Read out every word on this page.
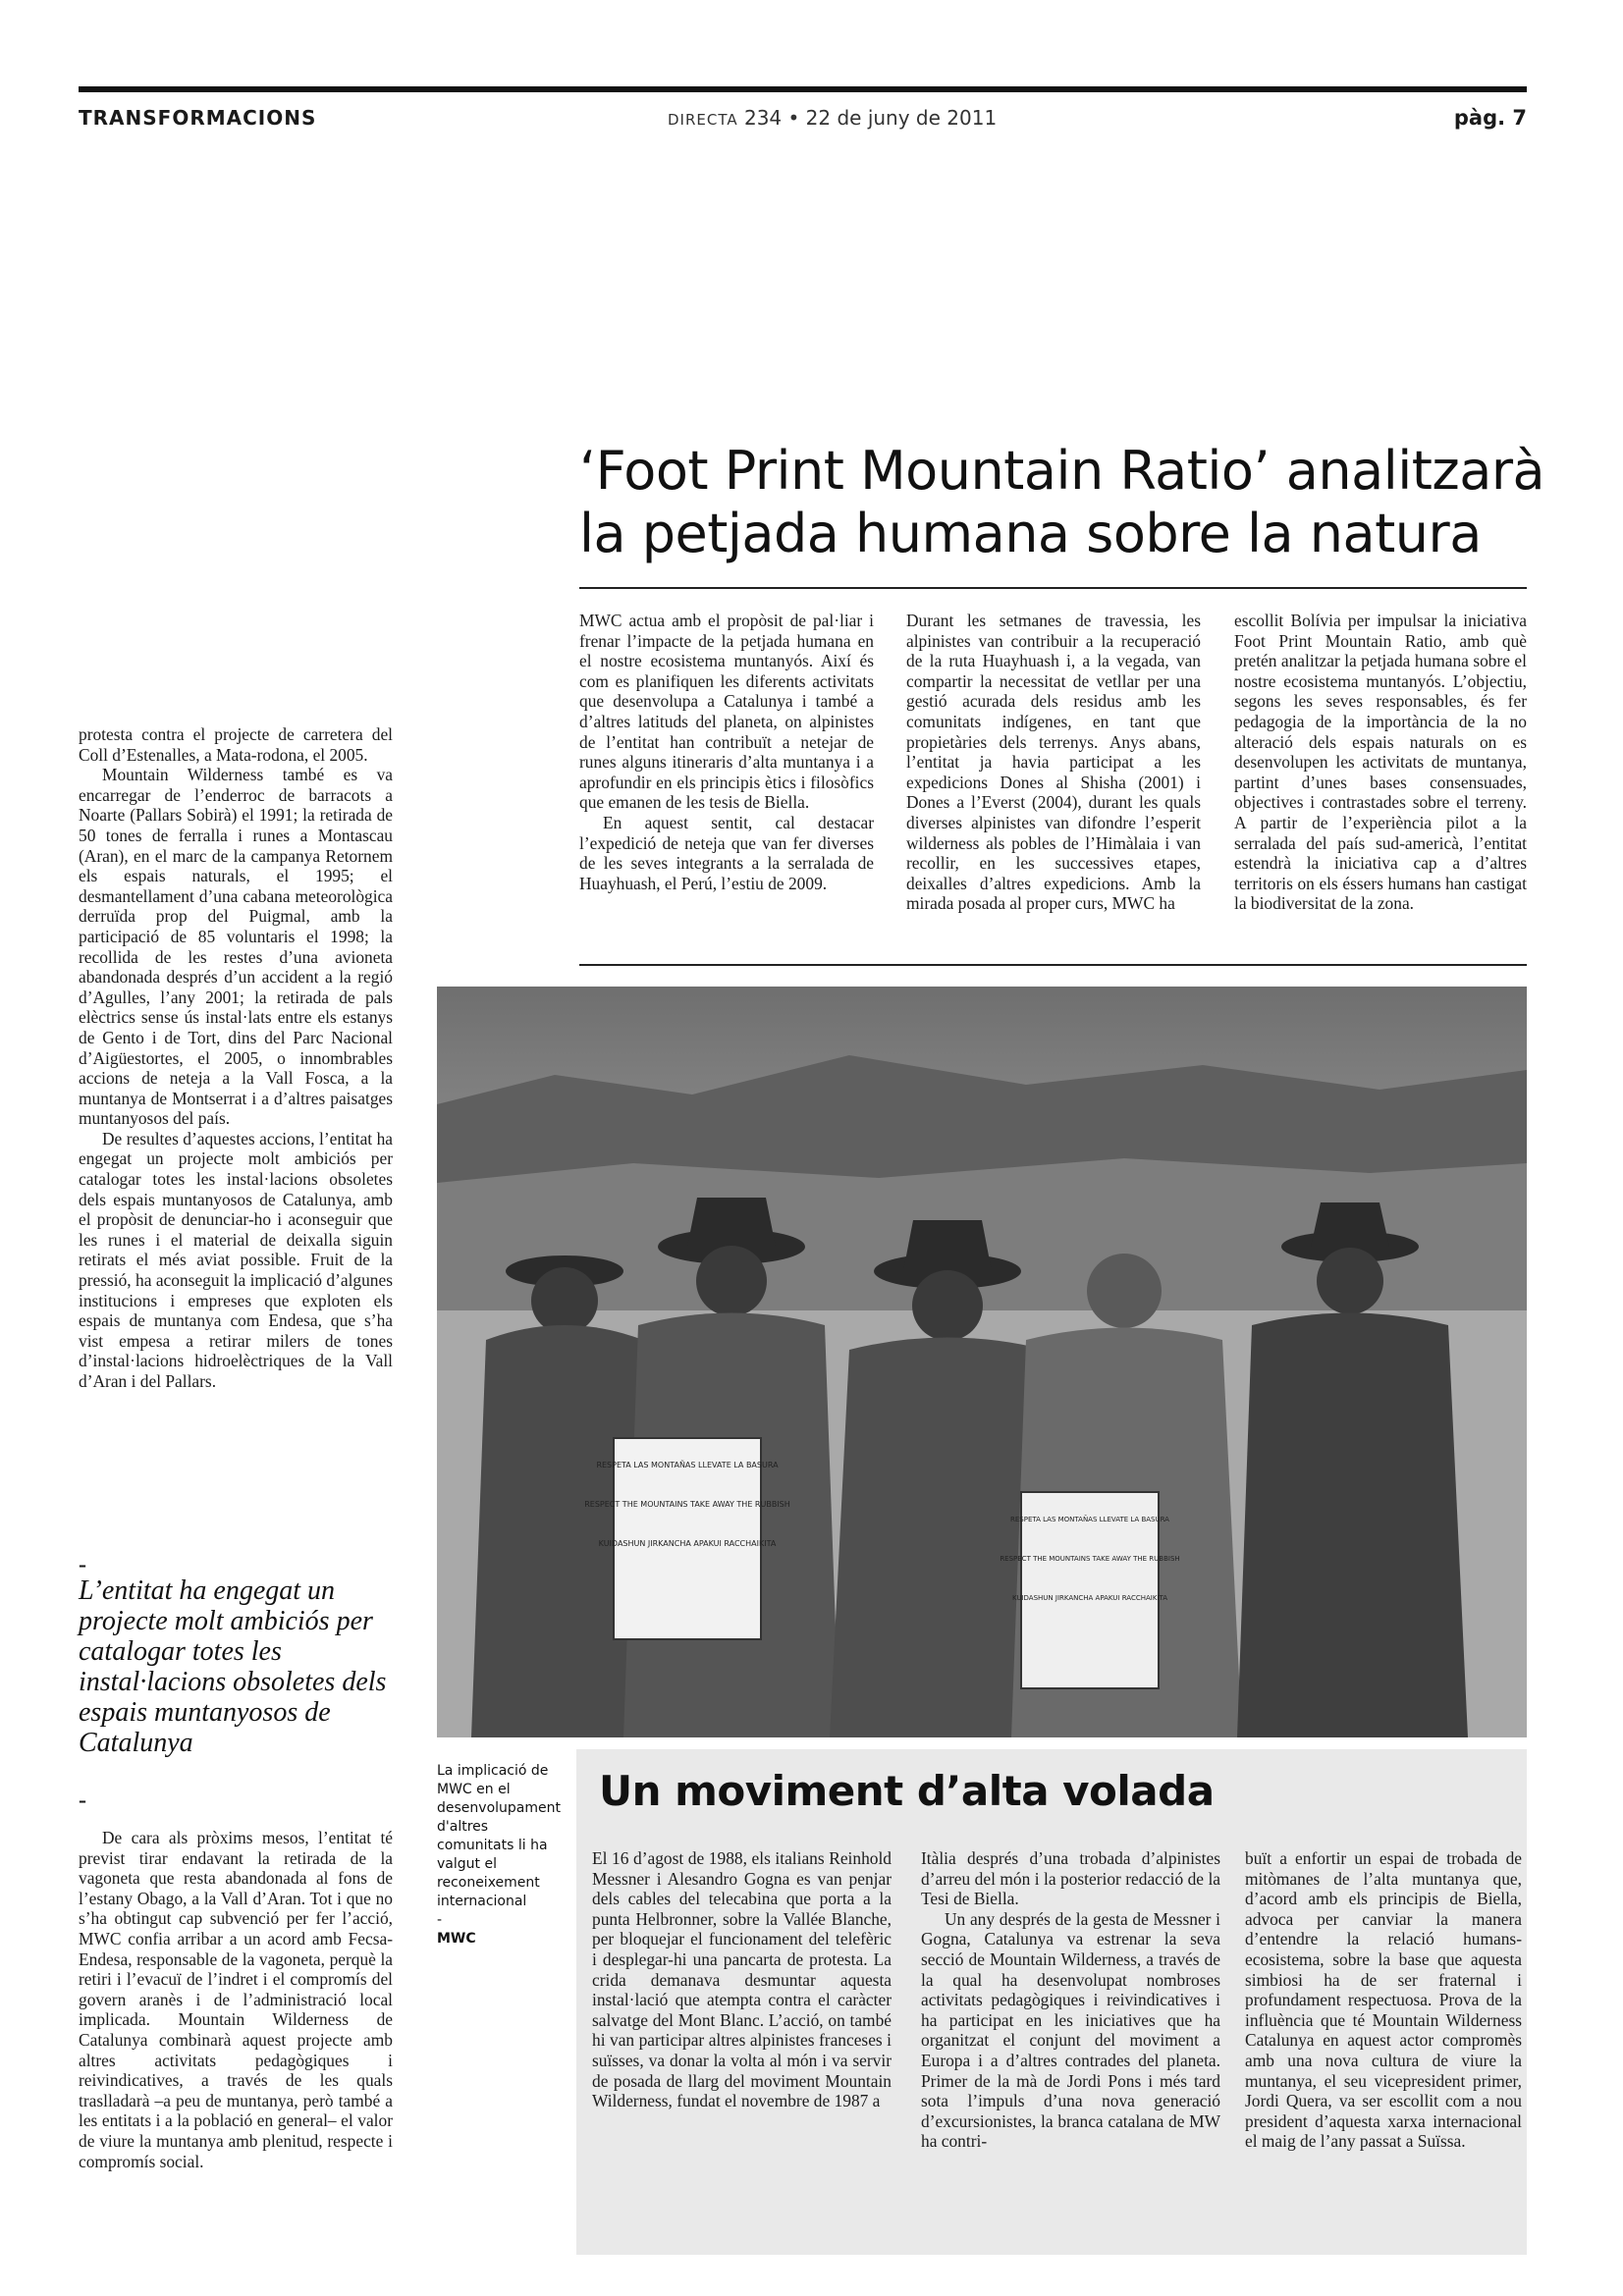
TRANSFORMACIONS	DIRECTA 234 • 22 de juny de 2011	pàg. 7
‘Foot Print Mountain Ratio’ analitzarà
la petjada humana sobre la natura

protesta contra el projecte de carretera del Coll d’Estenalles, a Mata-rodona, el 2005.

Mountain Wilderness també es va encarregar de l’enderroc de barracots a Noarte (Pallars Sobirà) el 1991; la retirada de 50 tones de ferralla i runes a Montascau (Aran), en el marc de la campanya Retornem els espais naturals, el 1995; el desmantellament d’una cabana meteorològica derruïda prop del Puigmal, amb la participació de 85 voluntaris el 1998; la recollida de les restes d’una avioneta abandonada després d’un accident a la regió d’Agulles, l’any 2001; la retirada de pals elèctrics sense ús instal·lats entre els estanys de Gento i de Tort, dins del Parc Nacional d’Aigüestortes, el 2005, o innombrables accions de neteja a la Vall Fosca, a la muntanya de Montserrat i a d’altres paisatges muntanyosos del país.

De resultes d’aquestes accions, l’entitat ha engegat un projecte molt ambiciós per catalogar totes les instal·lacions obsoletes dels espais muntanyosos de Catalunya, amb el propòsit de denunciar-ho i aconseguir que les runes i el material de deixalla siguin retirats el més aviat possible. Fruit de la pressió, ha aconseguit la implicació d’algunes institucions i empreses que exploten els espais de muntanya com Endesa, que s’ha vist empesa a retirar milers de tones d’instal·lacions hidroelèctriques de la Vall d’Aran i del Pallars.

–
L’entitat ha engegat un projecte molt ambiciós per catalogar totes les instal·lacions obsoletes dels espais muntanyosos de Catalunya
–

De cara als pròxims mesos, l’entitat té previst tirar endavant la retirada de la vagoneta que resta abandonada al fons de l’estany Obago, a la Vall d’Aran. Tot i que no s’ha obtingut cap subvenció per fer l’acció, MWC confia arribar a un acord amb Fecsa-Endesa, responsable de la vagoneta, perquè la retiri i l’evacuï de l’indret i el compromís del govern aranès i de l’administració local implicada. Mountain Wilderness de Catalunya combinarà aquest projecte amb altres activitats pedagògiques i reivindicatives, a través de les quals traslladarà –a peu de muntanya, però també a les entitats i a la població en general– el valor de viure la muntanya amb plenitud, respecte i compromís social.

MWC actua amb el propòsit de pal·liar i frenar l’impacte de la petjada humana en el nostre ecosistema muntanyós. Així és com es planifiquen les diferents activitats que desenvolupa a Catalunya i també a d’altres latituds del planeta, on alpinistes de l’entitat han contribuït a netejar de runes alguns itineraris d’alta muntanya i a aprofundir en els principis ètics i filosòfics que emanen de les tesis de Biella.

En aquest sentit, cal destacar l’expedició de neteja que van fer diverses de les seves integrants a la serralada de Huayhuash, el Perú, l’estiu de 2009.

Durant les setmanes de travessia, les alpinistes van contribuir a la recuperació de la ruta Huayhuash i, a la vegada, van compartir la necessitat de vetllar per una gestió acurada dels residus amb les comunitats indígenes, en tant que propietàries dels terrenys. Anys abans, l’entitat ja havia participat a les expedicions Dones al Shisha (2001) i Dones a l’Everst (2004), durant les quals diverses alpinistes van difondre l’esperit wilderness als pobles de l’Himàlaia i van recollir, en les successives etapes, deixalles d’altres expedicions. Amb la mirada posada al proper curs, MWC ha

escollit Bolívia per impulsar la iniciativa Foot Print Mountain Ratio, amb què pretén analitzar la petjada humana sobre el nostre ecosistema muntanyós. L’objectiu, segons les seves responsables, és fer pedagogia de la importància de la no alteració dels espais naturals on es desenvolupen les activitats de muntanya, partint d’unes bases consensuades, objectives i contrastades sobre el terreny. A partir de l’experiència pilot a la serralada del país sud-americà, l’entitat estendrà la iniciativa cap a d’altres territoris on els éssers humans han castigat la biodiversitat de la zona.

RESPETA LAS MONTAÑAS LLEVATE LA BASURA
RESPECT THE MOUNTAINS TAKE AWAY THE RUBBISH
KUIDASHUN JIRKANCHA APAKUI RACCHAIKITA
RESPETA LAS MONTAÑAS LLEVATE LA BASURA
RESPECT THE MOUNTAINS TAKE AWAY THE RUBBISH
KUIDASHUN JIRKANCHA APAKUI RACCHAIKITA
La implicació de MWC en el desenvolupament d'altres comunitats li ha valgut el reconeixement internacional
-
MWC
Un moviment d’alta volada

El 16 d’agost de 1988, els italians Reinhold Messner i Alesandro Gogna es van penjar dels cables del telecabina que porta a la punta Helbronner, sobre la Vallée Blanche, per bloquejar el funcionament del telefèric i desplegar-hi una pancarta de protesta. La crida demanava desmuntar aquesta instal·lació que atempta contra el caràcter salvatge del Mont Blanc. L’acció, on també hi van participar altres alpinistes franceses i suïsses, va donar la volta al món i va servir de posada de llarg del moviment Mountain Wilderness, fundat el novembre de 1987 a

Itàlia després d’una trobada d’alpinistes d’arreu del món i la posterior redacció de la Tesi de Biella.

Un any després de la gesta de Messner i Gogna, Catalunya va estrenar la seva secció de Mountain Wilderness, a través de la qual ha desenvolupat nombroses activitats pedagògiques i reivindicatives i ha participat en les iniciatives que ha organitzat el conjunt del moviment a Europa i a d’altres contrades del planeta. Primer de la mà de Jordi Pons i més tard sota l’impuls d’una nova generació d’excursionistes, la branca catalana de MW ha contri-

buït a enfortir un espai de trobada de mitòmanes de l’alta muntanya que, d’acord amb els principis de Biella, advoca per canviar la manera d’entendre la relació humans-ecosistema, sobre la base que aquesta simbiosi ha de ser fraternal i profundament respectuosa. Prova de la influència que té Mountain Wilderness Catalunya en aquest actor compromès amb una nova cultura de viure la muntanya, el seu vicepresident primer, Jordi Quera, va ser escollit com a nou president d’aquesta xarxa internacional el maig de l’any passat a Suïssa.
